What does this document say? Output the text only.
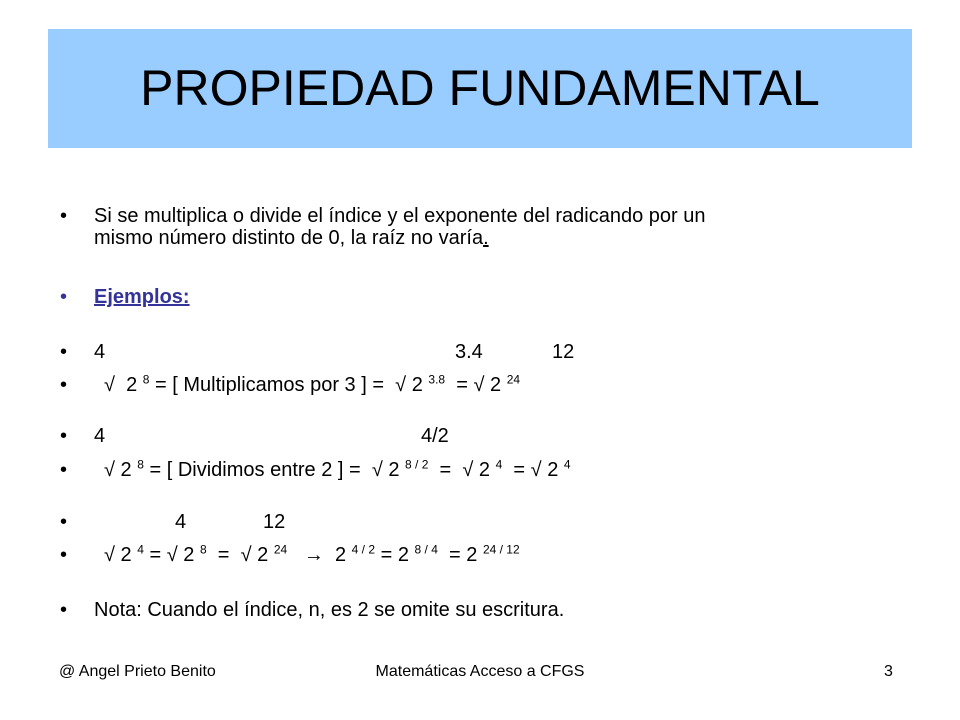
PROPIEDAD FUNDAMENTAL
•	Si se multiplica o divide el índice y el exponente del radicando por un
mismo número distinto de 0, la raíz no varía.
•	Ejemplos:
•	4	3.4	12
•	√ 2 $^8$ = [ Multiplicamos por 3 ] = √ 2 $^{3.8}$ = √ 2 $^{24}$
•	4	4/2
•	√ 2 $^8$ = [ Dividimos entre 2 ] = √ 2 $^{8 / 2}$ = √ 2 $^4$ = √ 2 $^4$
•	4	12
•	√ 2 $^4$ = √ 2 $^8$ = √ 2 $^{24}$ → 2 $^{4 / 2}$ = 2 $^{8 / 4}$ = 2 $^{24 / 12}$
•	Nota: Cuando el índice, n, es 2 se omite su escritura.
@ Angel Prieto Benito	Matemáticas Acceso a CFGS	3
